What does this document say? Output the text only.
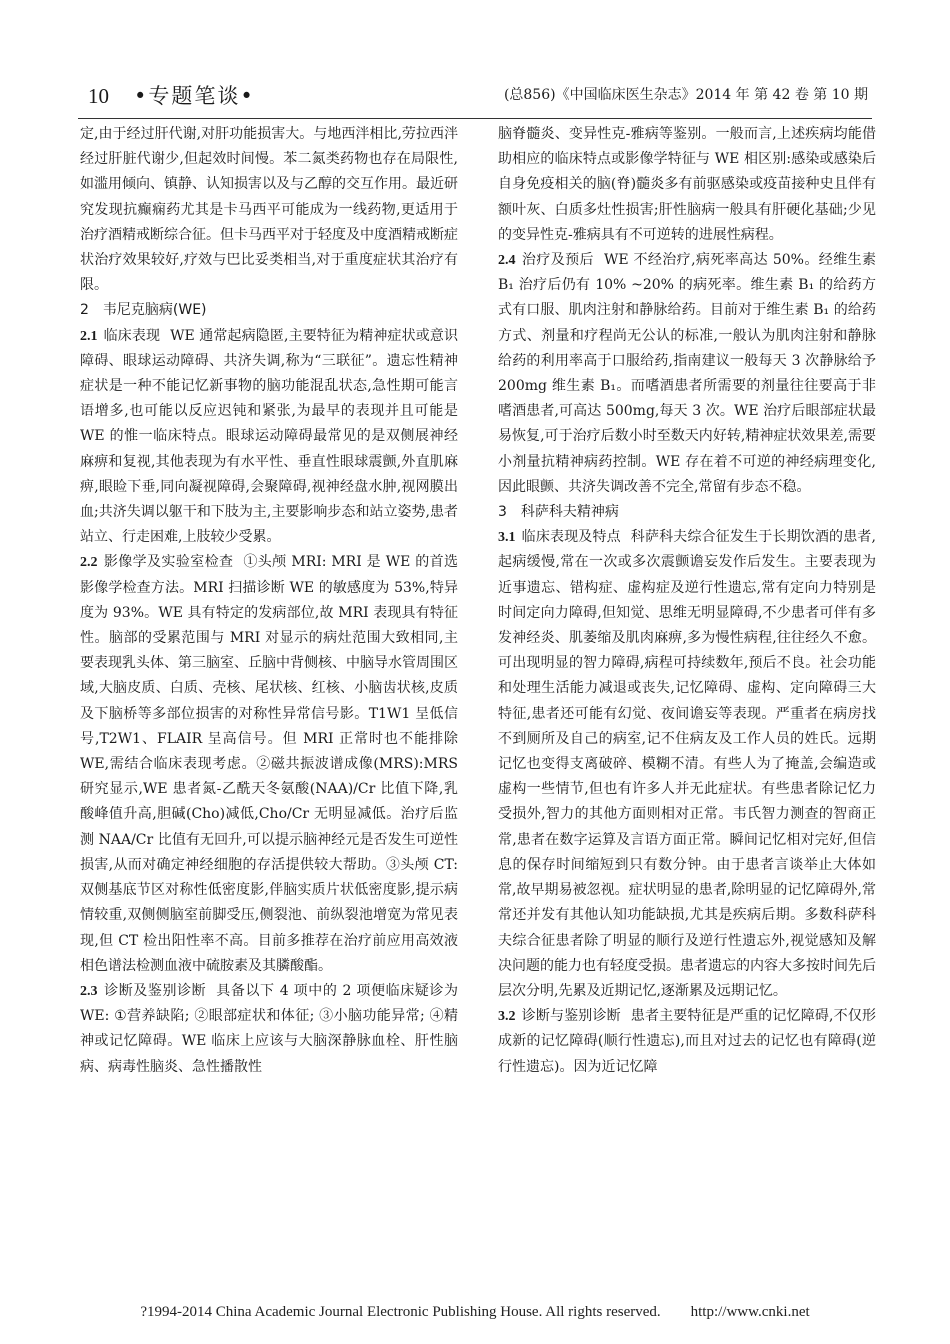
10 •专题笔谈•	(总856)《中国临床医生杂志》2014 年 第 42 卷 第 10 期

定,由于经过肝代谢,对肝功能损害大。与地西泮相比,劳拉西泮经过肝脏代谢少,但起效时间慢。苯二氮类药物也存在局限性,如滥用倾向、镇静、认知损害以及与乙醇的交互作用。最近研究发现抗癫痫药尤其是卡马西平可能成为一线药物,更适用于治疗酒精戒断综合征。但卡马西平对于轻度及中度酒精戒断症状治疗效果较好,疗效与巴比妥类相当,对于重度症状其治疗有限。

2　韦尼克脑病(WE)

2.1 临床表现 WE 通常起病隐匿,主要特征为精神症状或意识障碍、眼球运动障碍、共济失调,称为“三联征”。遗忘性精神症状是一种不能记忆新事物的脑功能混乱状态,急性期可能言语增多,也可能以反应迟钝和紧张,为最早的表现并且可能是 WE 的惟一临床特点。眼球运动障碍最常见的是双侧展神经麻痹和复视,其他表现为有水平性、垂直性眼球震颤,外直肌麻痹,眼睑下垂,同向凝视障碍,会聚障碍,视神经盘水肿,视网膜出血;共济失调以躯干和下肢为主,主要影响步态和站立姿势,患者站立、行走困难,上肢较少受累。

2.2 影像学及实验室检查 ①头颅 MRI: MRI 是 WE 的首选影像学检查方法。MRI 扫描诊断 WE 的敏感度为 53%,特异度为 93%。WE 具有特定的发病部位,故 MRI 表现具有特征性。脑部的受累范围与 MRI 对显示的病灶范围大致相同,主要表现乳头体、第三脑室、丘脑中背侧核、中脑导水管周围区域,大脑皮质、白质、壳核、尾状核、红核、小脑齿状核,皮质及下脑桥等多部位损害的对称性异常信号影。T1W1 呈低信号,T2W1、FLAIR 呈高信号。但 MRI 正常时也不能排除 WE,需结合临床表现考虑。②磁共振波谱成像(MRS):MRS 研究显示,WE 患者氮-乙酰天冬氨酸(NAA)/Cr 比值下降,乳酸峰值升高,胆碱(Cho)减低,Cho/Cr 无明显减低。治疗后监测 NAA/Cr 比值有无回升,可以提示脑神经元是否发生可逆性损害,从而对确定神经细胞的存活提供较大帮助。③头颅 CT: 双侧基底节区对称性低密度影,伴脑实质片状低密度影,提示病情较重,双侧侧脑室前脚受压,侧裂池、前纵裂池增宽为常见表现,但 CT 检出阳性率不高。目前多推荐在治疗前应用高效液相色谱法检测血液中硫胺素及其膦酸酯。

2.3 诊断及鉴别诊断 具备以下 4 项中的 2 项便临床疑诊为 WE: ①营养缺陷; ②眼部症状和体征; ③小脑功能异常; ④精神或记忆障碍。WE 临床上应该与大脑深静脉血栓、肝性脑病、病毒性脑炎、急性播散性

脑脊髓炎、变异性克-雅病等鉴别。一般而言,上述疾病均能借助相应的临床特点或影像学特征与 WE 相区别:感染或感染后自身免疫相关的脑(脊)髓炎多有前驱感染或疫苗接种史且伴有额叶灰、白质多灶性损害;肝性脑病一般具有肝硬化基础;少见的变异性克-雅病具有不可逆转的进展性病程。

2.4 治疗及预后 WE 不经治疗,病死率高达 50%。经维生素 B₁ 治疗后仍有 10% ~20% 的病死率。维生素 B₁ 的给药方式有口服、肌肉注射和静脉给药。目前对于维生素 B₁ 的给药方式、剂量和疗程尚无公认的标准,一般认为肌肉注射和静脉给药的利用率高于口服给药,指南建议一般每天 3 次静脉给予 200mg 维生素 B₁。而嗜酒患者所需要的剂量往往要高于非嗜酒患者,可高达 500mg,每天 3 次。WE 治疗后眼部症状最易恢复,可于治疗后数小时至数天内好转,精神症状效果差,需要小剂量抗精神病药控制。WE 存在着不可逆的神经病理变化,因此眼颤、共济失调改善不完全,常留有步态不稳。

3　科萨科夫精神病

3.1 临床表现及特点 科萨科夫综合征发生于长期饮酒的患者,起病缓慢,常在一次或多次震颤谵妄发作后发生。主要表现为近事遗忘、错构症、虚构症及逆行性遗忘,常有定向力特别是时间定向力障碍,但知觉、思维无明显障碍,不少患者可伴有多发神经炎、肌萎缩及肌肉麻痹,多为慢性病程,往往经久不愈。可出现明显的智力障碍,病程可持续数年,预后不良。社会功能和处理生活能力减退或丧失,记忆障碍、虚构、定向障碍三大特征,患者还可能有幻觉、夜间谵妄等表现。严重者在病房找不到厕所及自己的病室,记不住病友及工作人员的姓氏。远期记忆也变得支离破碎、模糊不清。有些人为了掩盖,会编造或虚构一些情节,但也有许多人并无此症状。有些患者除记忆力受损外,智力的其他方面则相对正常。韦氏智力测查的智商正常,患者在数字运算及言语方面正常。瞬间记忆相对完好,但信息的保存时间缩短到只有数分钟。由于患者言谈举止大体如常,故早期易被忽视。症状明显的患者,除明显的记忆障碍外,常常还并发有其他认知功能缺损,尤其是疾病后期。多数科萨科夫综合征患者除了明显的顺行及逆行性遗忘外,视觉感知及解决问题的能力也有轻度受损。患者遗忘的内容大多按时间先后层次分明,先累及近期记忆,逐渐累及远期记忆。

3.2 诊断与鉴别诊断 患者主要特征是严重的记忆障碍,不仅形成新的记忆障碍(顺行性遗忘),而且对过去的记忆也有障碍(逆行性遗忘)。因为近记忆障

?1994-2014 China Academic Journal Electronic Publishing House. All rights reserved.　　http://www.cnki.net
